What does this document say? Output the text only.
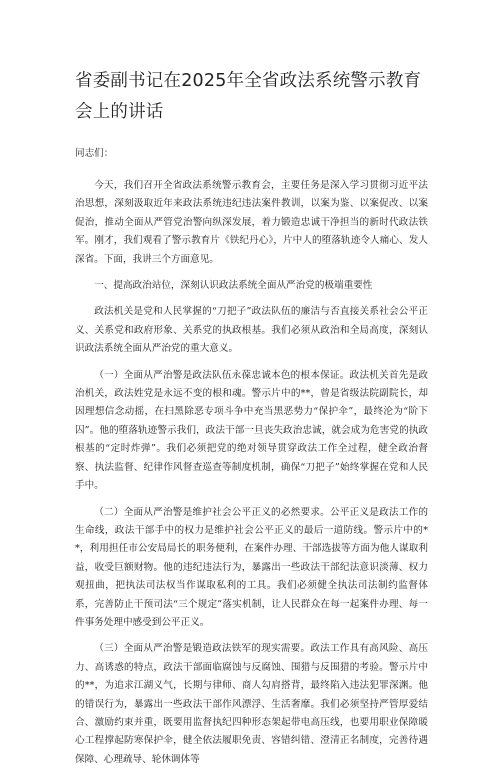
省委副书记在2025年全省政法系统警示教育会上的讲话
同志们：

今天，我们召开全省政法系统警示教育会，主要任务是深入学习贯彻习近平法治思想，深刻汲取近年来政法系统违纪违法案件教训，以案为鉴、以案促改、以案促治，推动全面从严管党治警向纵深发展，着力锻造忠诚干净担当的新时代政法铁军。刚才，我们观看了警示教育片《铁纪丹心》，片中人的堕落轨迹令人痛心、发人深省。下面，我讲三个方面意见。

一、提高政治站位，深刻认识政法系统全面从严治党的极端重要性

政法机关是党和人民掌握的“刀把子”政法队伍的廉洁与否直接关系社会公平正义、关系党和政府形象、关系党的执政根基。我们必须从政治和全局高度，深刻认识政法系统全面从严治党的重大意义。

（一）全面从严治警是政法队伍永葆忠诚本色的根本保证。政法机关首先是政治机关，政法姓党是永远不变的根和魂。警示片中的**，曾是省级法院副院长，却因理想信念动摇，在扫黑除恶专项斗争中充当黑恶势力“保护伞”，最终沦为“阶下囚”。他的堕落轨迹警示我们，政法干部一旦丧失政治忠诚，就会成为危害党的执政根基的“定时炸弹”。我们必须把党的绝对领导贯穿政法工作全过程，健全政治督察、执法监督、纪律作风督查巡查等制度机制，确保“刀把子”始终掌握在党和人民手中。

（二）全面从严治警是维护社会公平正义的必然要求。公平正义是政法工作的生命线，政法干部手中的权力是维护社会公平正义的最后一道防线。警示片中的**，利用担任市公安局局长的职务便利，在案件办理、干部选拔等方面为他人谋取利益，收受巨额财物。他的违纪违法行为，暴露出一些政法干部纪法意识淡薄、权力观扭曲，把执法司法权当作谋取私利的工具。我们必须健全执法司法制约监督体系，完善防止干预司法“三个规定”落实机制，让人民群众在每一起案件办理、每一件事务处理中感受到公平正义。

（三）全面从严治警是锻造政法铁军的现实需要。政法工作具有高风险、高压力、高诱惑的特点，政法干部面临腐蚀与反腐蚀、围猎与反围猎的考验。警示片中的**，为追求江湖义气，长期与律师、商人勾肩搭背，最终陷入违法犯罪深渊。他的错误行为，暴露出一些政法干部作风漂浮、生活奢靡。我们必须坚持严管厚爱结合、激励约束并重，既要用监督执纪四种形态架起带电高压线，也要用职业保障暖心工程撑起防寒保护伞，健全依法履职免责、容错纠错、澄清正名制度，完善待遇保障、心理疏导、轮休调体等
